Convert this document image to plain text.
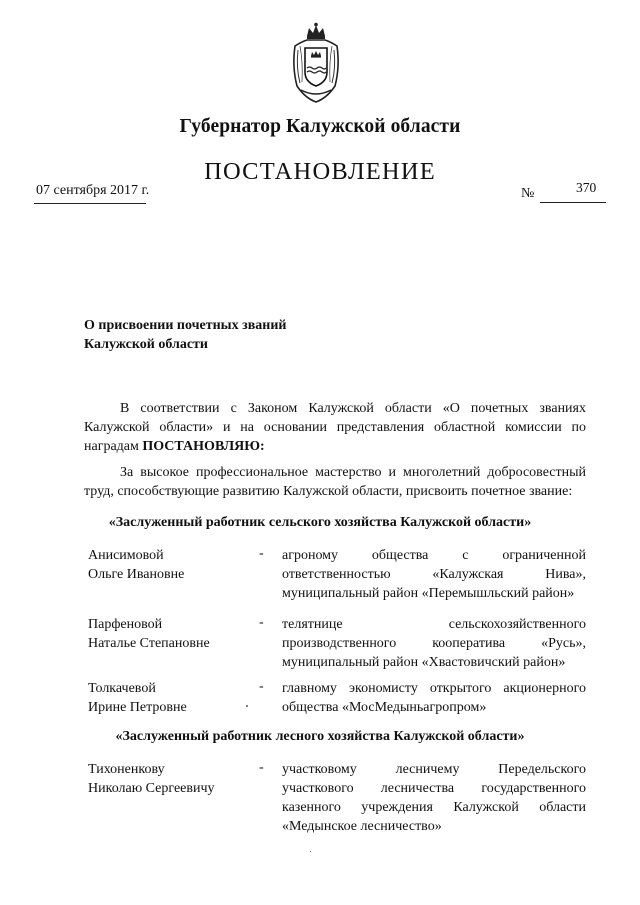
Губернатор Калужской области
ПОСТАНОВЛЕНИЕ
07 сентября 2017 г.	№	370
О присвоении почетных званий
Калужской области
В соответствии с Законом Калужской области «О почетных званиях Калужской области» и на основании представления областной комиссии по наградам ПОСТАНОВЛЯЮ:
За высокое профессиональное мастерство и многолетний добросовестный труд, способствующие развитию Калужской области, присвоить почетное звание:
«Заслуженный работник сельского хозяйства Калужской области»
Анисимовой
Ольге Ивановне
- агроному общества с ограниченной
ответственностью «Калужская Нива»,
муниципальный район «Перемышльский район»
Парфеновой
Наталье Степановне
- телятнице сельскохозяйственного
производственного кооператива «Русь»,
муниципальный район «Хвастовичский район»
Толкачевой
Ирине Петровне
- главному экономисту открытого акционерного
общества «МосМедыньагропром»
«Заслуженный работник лесного хозяйства Калужской области»
Тихоненкову
Николаю Сергеевичу
- участковому лесничему Передельского
участкового лесничества государственного
казенного учреждения Калужской области
«Медынское лесничество»
